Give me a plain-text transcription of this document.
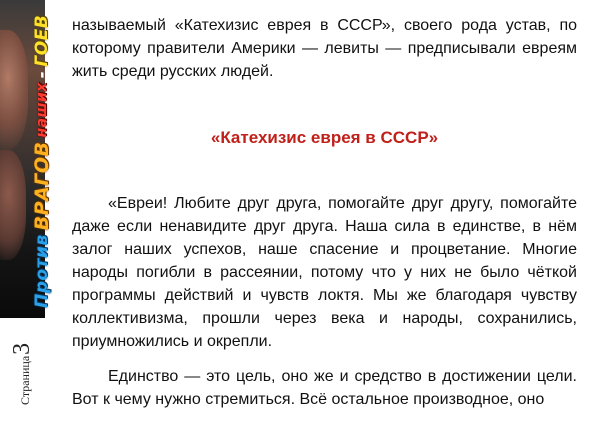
Против
ВРАГОВ
наших
-
ГОЕВ
Страница
3

называемый «Катехизис еврея в СССР», своего рода устав, по которому правители Америки — левиты — предписывали евреям жить среди русских людей.

«Катехизис еврея в СССР»

«Евреи! Любите друг друга, помогайте друг другу, помогайте даже если ненавидите друг друга. Наша сила в единстве, в нём залог наших успехов, наше спасение и процветание. Многие народы погибли в рассеянии, потому что у них не было чёткой программы действий и чувств локтя. Мы же благодаря чувству коллективизма, прошли через века и народы, сохранились, приумножились и окрепли.

Единство — это цель, оно же и средство в достижении цели. Вот к чему нужно стремиться. Всё остальное производное, оно
